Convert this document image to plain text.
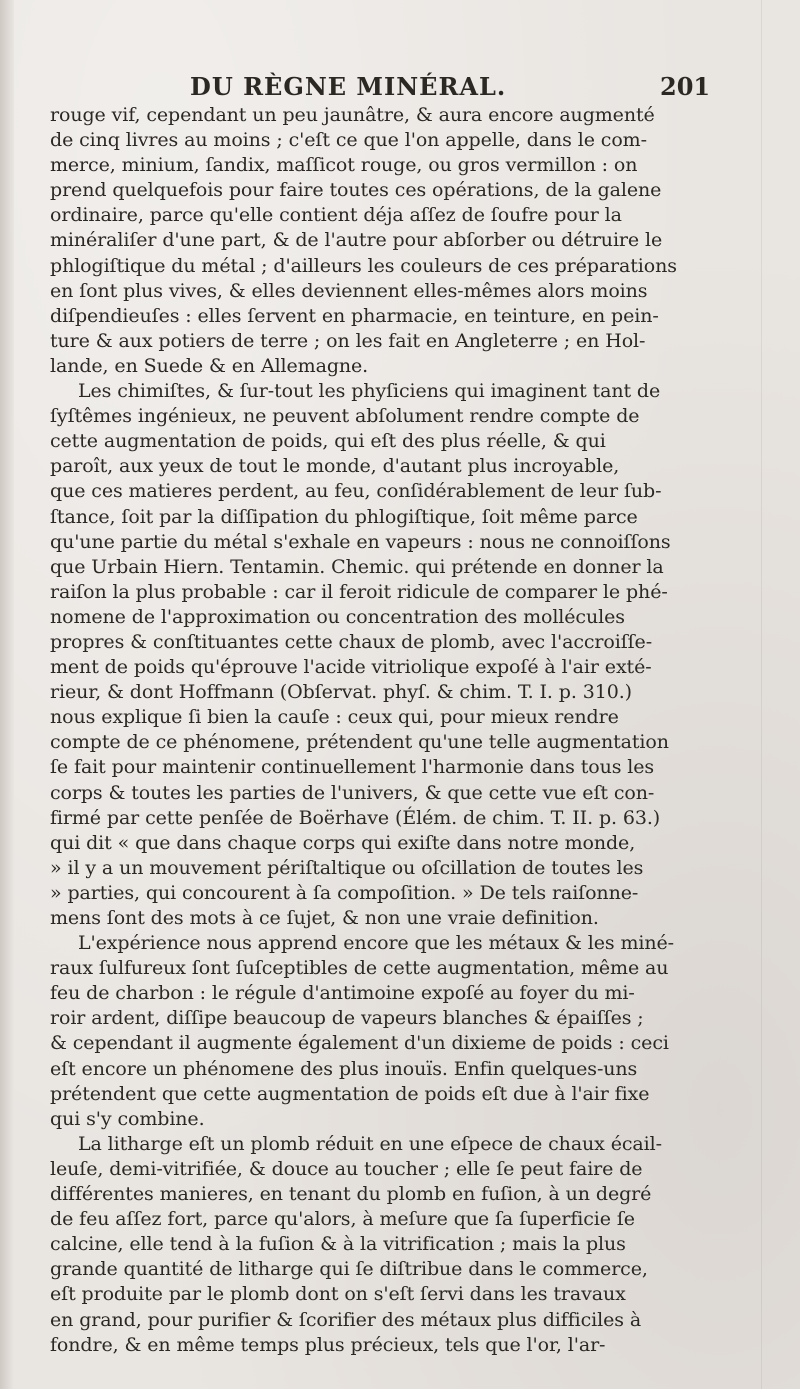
DU RÈGNE MINÉRAL.	201
rouge vif, cependant un peu jaunâtre, & aura encore augmenté
de cinq livres au moins ; c'eſt ce que l'on appelle, dans le com-
merce, minium, ſandix, maſſicot rouge, ou gros vermillon : on
prend quelquefois pour faire toutes ces opérations, de la galene
ordinaire, parce qu'elle contient déja aſſez de ſoufre pour la
minéraliſer d'une part, & de l'autre pour abſorber ou détruire le
phlogiſtique du métal ; d'ailleurs les couleurs de ces préparations
en ſont plus vives, & elles deviennent elles-mêmes alors moins
diſpendieuſes : elles ſervent en pharmacie, en teinture, en pein-
ture & aux potiers de terre ; on les fait en Angleterre ; en Hol-
lande, en Suede & en Allemagne.
Les chimiſtes, & ſur-tout les phyſiciens qui imaginent tant de
ſyſtêmes ingénieux, ne peuvent abſolument rendre compte de
cette augmentation de poids, qui eſt des plus réelle, & qui
paroît, aux yeux de tout le monde, d'autant plus incroyable,
que ces matieres perdent, au feu, conſidérablement de leur ſub-
ſtance, ſoit par la diſſipation du phlogiſtique, ſoit même parce
qu'une partie du métal s'exhale en vapeurs : nous ne connoiſſons
que Urbain Hiern. Tentamin. Chemic. qui prétende en donner la
raiſon la plus probable : car il feroit ridicule de comparer le phé-
nomene de l'approximation ou concentration des mollécules
propres & conſtituantes cette chaux de plomb, avec l'accroiſſe-
ment de poids qu'éprouve l'acide vitriolique expoſé à l'air exté-
rieur, & dont Hoffmann (Obſervat. phyſ. & chim. T. I. p. 310.)
nous explique ſi bien la cauſe : ceux qui, pour mieux rendre
compte de ce phénomene, prétendent qu'une telle augmentation
ſe fait pour maintenir continuellement l'harmonie dans tous les
corps & toutes les parties de l'univers, & que cette vue eſt con-
firmé par cette penſée de Boërhave (Élém. de chim. T. II. p. 63.)
qui dit « que dans chaque corps qui exiſte dans notre monde,
» il y a un mouvement périſtaltique ou oſcillation de toutes les
» parties, qui concourent à ſa compoſition. » De tels raiſonne-
mens ſont des mots à ce ſujet, & non une vraie definition.
L'expérience nous apprend encore que les métaux & les miné-
raux ſulfureux ſont ſuſceptibles de cette augmentation, même au
feu de charbon : le régule d'antimoine expoſé au foyer du mi-
roir ardent, diſſipe beaucoup de vapeurs blanches & épaiſſes ;
& cependant il augmente également d'un dixieme de poids : ceci
eſt encore un phénomene des plus inouïs. Enfin quelques-uns
prétendent que cette augmentation de poids eſt due à l'air fixe
qui s'y combine.
La litharge eſt un plomb réduit en une eſpece de chaux écail-
leuſe, demi-vitrifiée, & douce au toucher ; elle ſe peut faire de
différentes manieres, en tenant du plomb en fuſion, à un degré
de feu aſſez fort, parce qu'alors, à meſure que ſa ſuperficie ſe
calcine, elle tend à la fuſion & à la vitrification ; mais la plus
grande quantité de litharge qui ſe diſtribue dans le commerce,
eſt produite par le plomb dont on s'eſt ſervi dans les travaux
en grand, pour purifier & ſcorifier des métaux plus difficiles à
fondre, & en même temps plus précieux, tels que l'or, l'ar-
